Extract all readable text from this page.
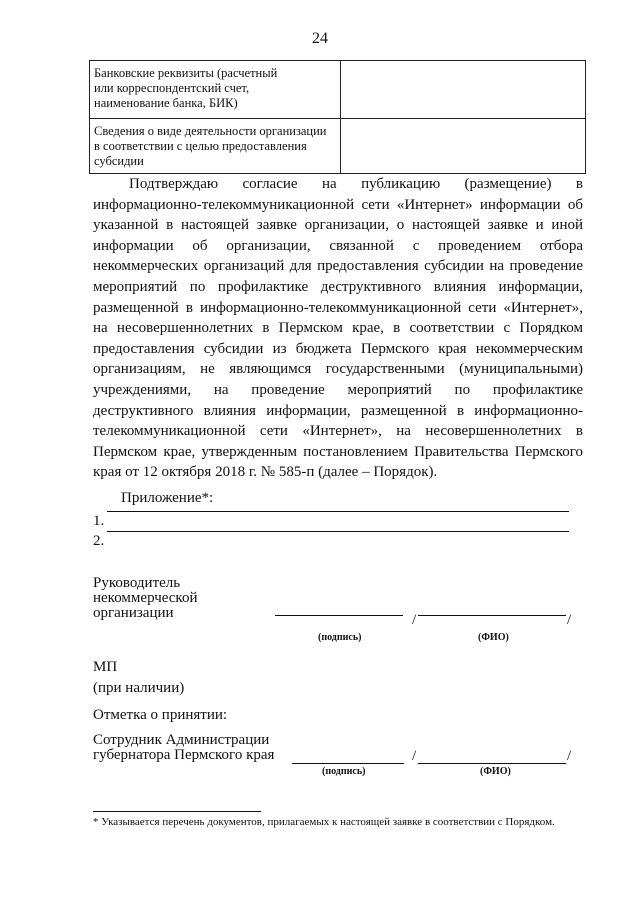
24
Банковские реквизиты (расчетный
или корреспондентский счет,
наименование банка, БИК)	

Сведения о виде деятельности организации
в соответствии с целью предоставления
субсидии	

Подтверждаю согласие на публикацию (размещение) в информационно-телекоммуникационной сети «Интернет» информации об указанной в настоящей заявке организации, о настоящей заявке и иной информации об организации, связанной с проведением отбора некоммерческих организаций для предоставления субсидии на проведение мероприятий по профилактике деструктивного влияния информации, размещенной в информационно-телекоммуникационной сети «Интернет», на несовершеннолетних в Пермском крае, в соответствии с Порядком предоставления субсидии из бюджета Пермского края некоммерческим организациям, не являющимся государственными (муниципальными) учреждениями, на проведение мероприятий по профилактике деструктивного влияния информации, размещенной в информационно-телекоммуникационной сети «Интернет», на несовершеннолетних в Пермском крае, утвержденным постановлением Правительства Пермского края от 12 октября 2018 г. № 585-п (далее – Порядок).
Приложение*:
1.
2.
Руководитель
некоммерческой
организации	/	/
(подпись)	(ФИО)
МП
(при наличии)
Отметка о принятии:
Сотрудник Администрации
губернатора Пермского края	/	/
(подпись)	(ФИО)
* Указывается перечень документов, прилагаемых к настоящей заявке в соответствии с Порядком.
